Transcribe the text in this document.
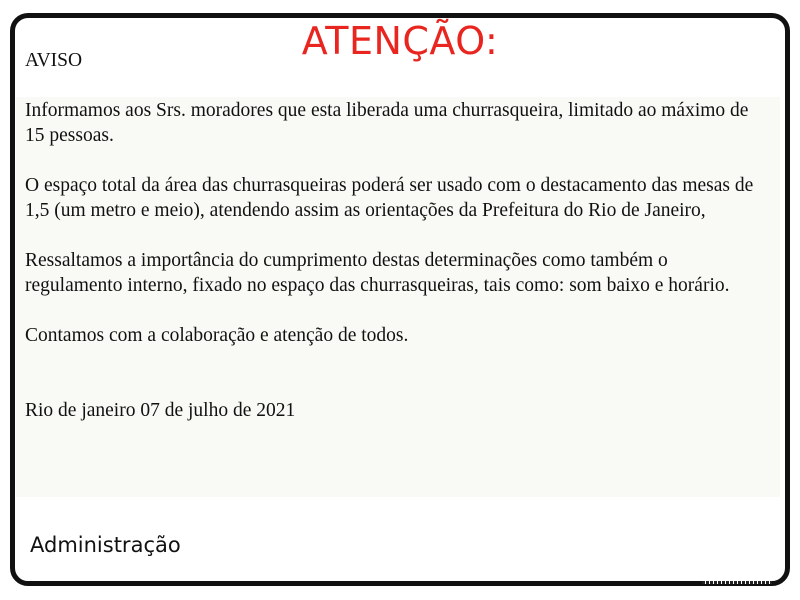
ATENÇÃO:

AVISO

Informamos aos Srs. moradores que esta liberada uma churrasqueira, limitado ao máximo de 15 pessoas.

O espaço total da área das churrasqueiras poderá ser usado com o destacamento das mesas de 1,5 (um metro e meio), atendendo assim as orientações da Prefeitura do Rio de Janeiro,

Ressaltamos a importância do cumprimento destas determinações como também o regulamento interno, fixado no espaço das churrasqueiras, tais como: som baixo e horário.

Contamos com a colaboração e atenção de todos.

Rio de janeiro 07 de julho de 2021

Administração
